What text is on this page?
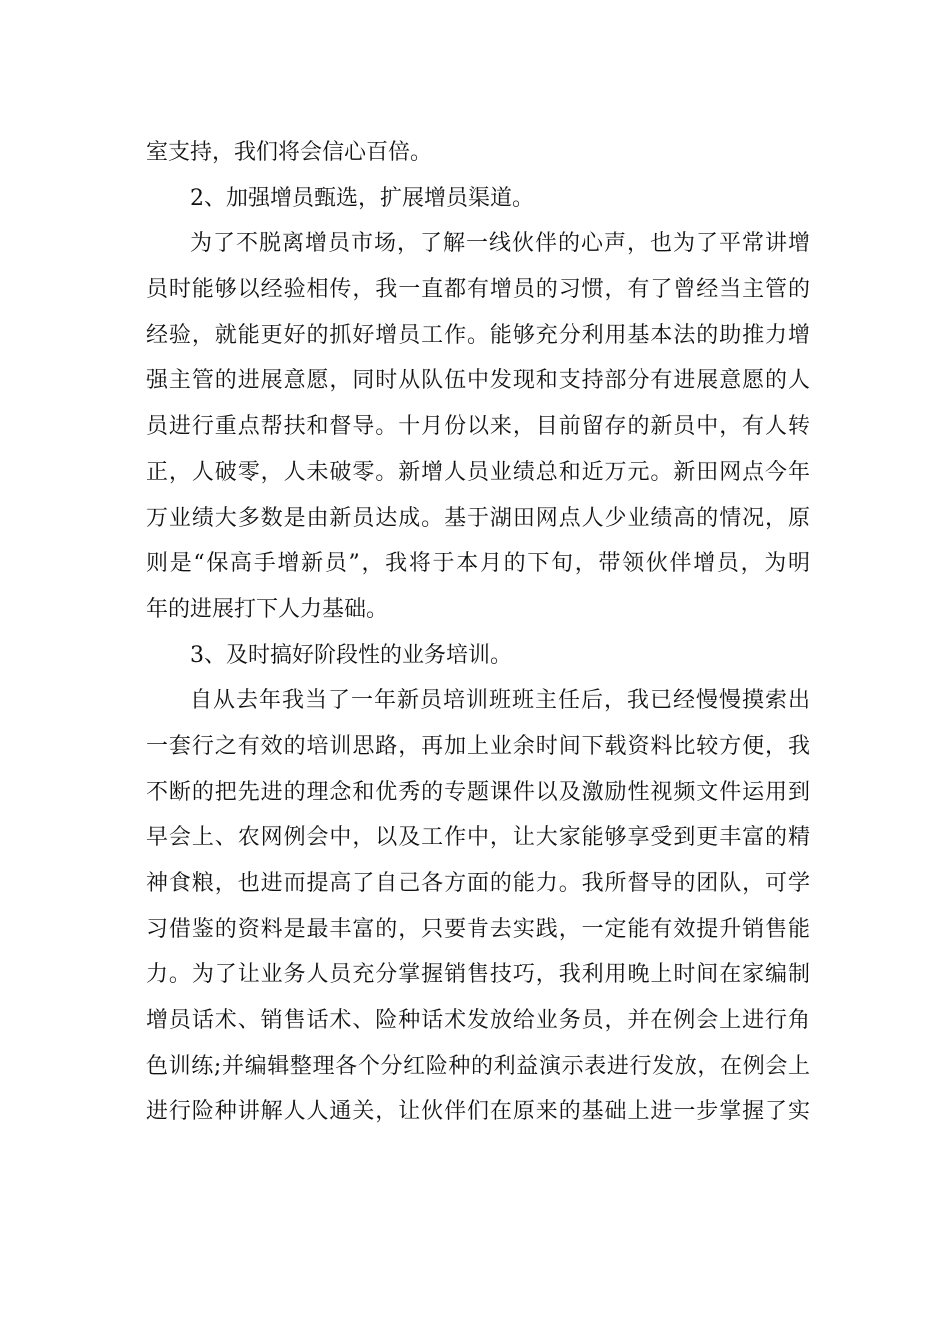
室支持，我们将会信心百倍。
2、加强增员甄选，扩展增员渠道。
为了不脱离增员市场，了解一线伙伴的心声，也为了平常讲增
员时能够以经验相传，我一直都有增员的习惯，有了曾经当主管的
经验，就能更好的抓好增员工作。能够充分利用基本法的助推力增
强主管的进展意愿，同时从队伍中发现和支持部分有进展意愿的人
员进行重点帮扶和督导。十月份以来，目前留存的新员中，有人转
正，人破零，人未破零。新增人员业绩总和近万元。新田网点今年
万业绩大多数是由新员达成。基于湖田网点人少业绩高的情况，原
则是“保高手增新员”，我将于本月的下旬，带领伙伴增员，为明
年的进展打下人力基础。
3、及时搞好阶段性的业务培训。
自从去年我当了一年新员培训班班主任后，我已经慢慢摸索出
一套行之有效的培训思路，再加上业余时间下载资料比较方便，我
不断的把先进的理念和优秀的专题课件以及激励性视频文件运用到
早会上、农网例会中，以及工作中，让大家能够享受到更丰富的精
神食粮，也进而提高了自己各方面的能力。我所督导的团队，可学
习借鉴的资料是最丰富的，只要肯去实践，一定能有效提升销售能
力。为了让业务人员充分掌握销售技巧，我利用晚上时间在家编制
增员话术、销售话术、险种话术发放给业务员，并在例会上进行角
色训练;并编辑整理各个分红险种的利益演示表进行发放，在例会上
进行险种讲解人人通关，让伙伴们在原来的基础上进一步掌握了实
